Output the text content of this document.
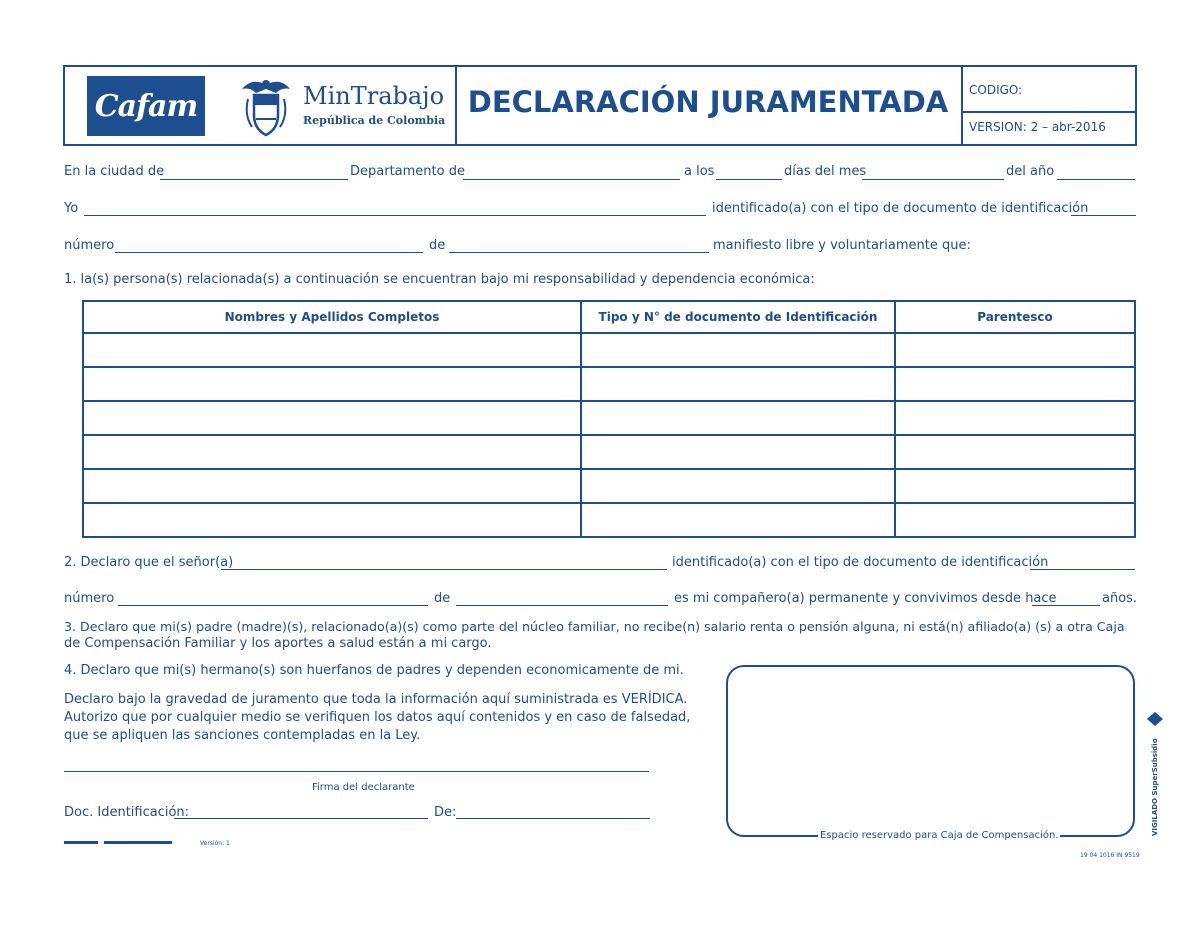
Cafam	MinTrabajo
República de Colombia
DECLARACIÓN JURAMENTADA	CODIGO:
VERSION: 2 – abr-2016
En la ciudad de	Departamento de	a los	días del mes	del año
Yo	identificado(a) con el tipo de documento de identificación
número	de	manifiesto libre y voluntariamente que:
1. la(s) persona(s) relacionada(s) a continuación se encuentran bajo mi responsabilidad y dependencia económica:
Nombres y Apellidos Completos	Tipo y N° de documento de Identificación	Parentesco

2. Declaro que el señor(a)	identificado(a) con el tipo de documento de identificación
número	de	es mi compañero(a) permanente y convivimos desde hace	años.
3. Declaro que mi(s) padre (madre)(s), relacionado(a)(s) como parte del núcleo familiar, no recibe(n) salario renta o pensión alguna, ni está(n) afiliado(a) (s) a otra Caja
de Compensación Familiar y los aportes a salud están a mi cargo.
4. Declaro que mi(s) hermano(s) son huerfanos de padres y dependen economicamente de mi.
Declaro bajo la gravedad de juramento que toda la información aquí suministrada es VERÍDICA.
Autorizo que por cualquier medio se verifiquen los datos aquí contenidos y en caso de falsedad,
que se apliquen las sanciones contempladas en la Ley.
Firma del declarante
Doc. Identificación:	De:
Versión: 1
Espacio reservado para Caja de Compensación.	VIGILADO SuperSubsidio
19 04 1016 IN 9519
